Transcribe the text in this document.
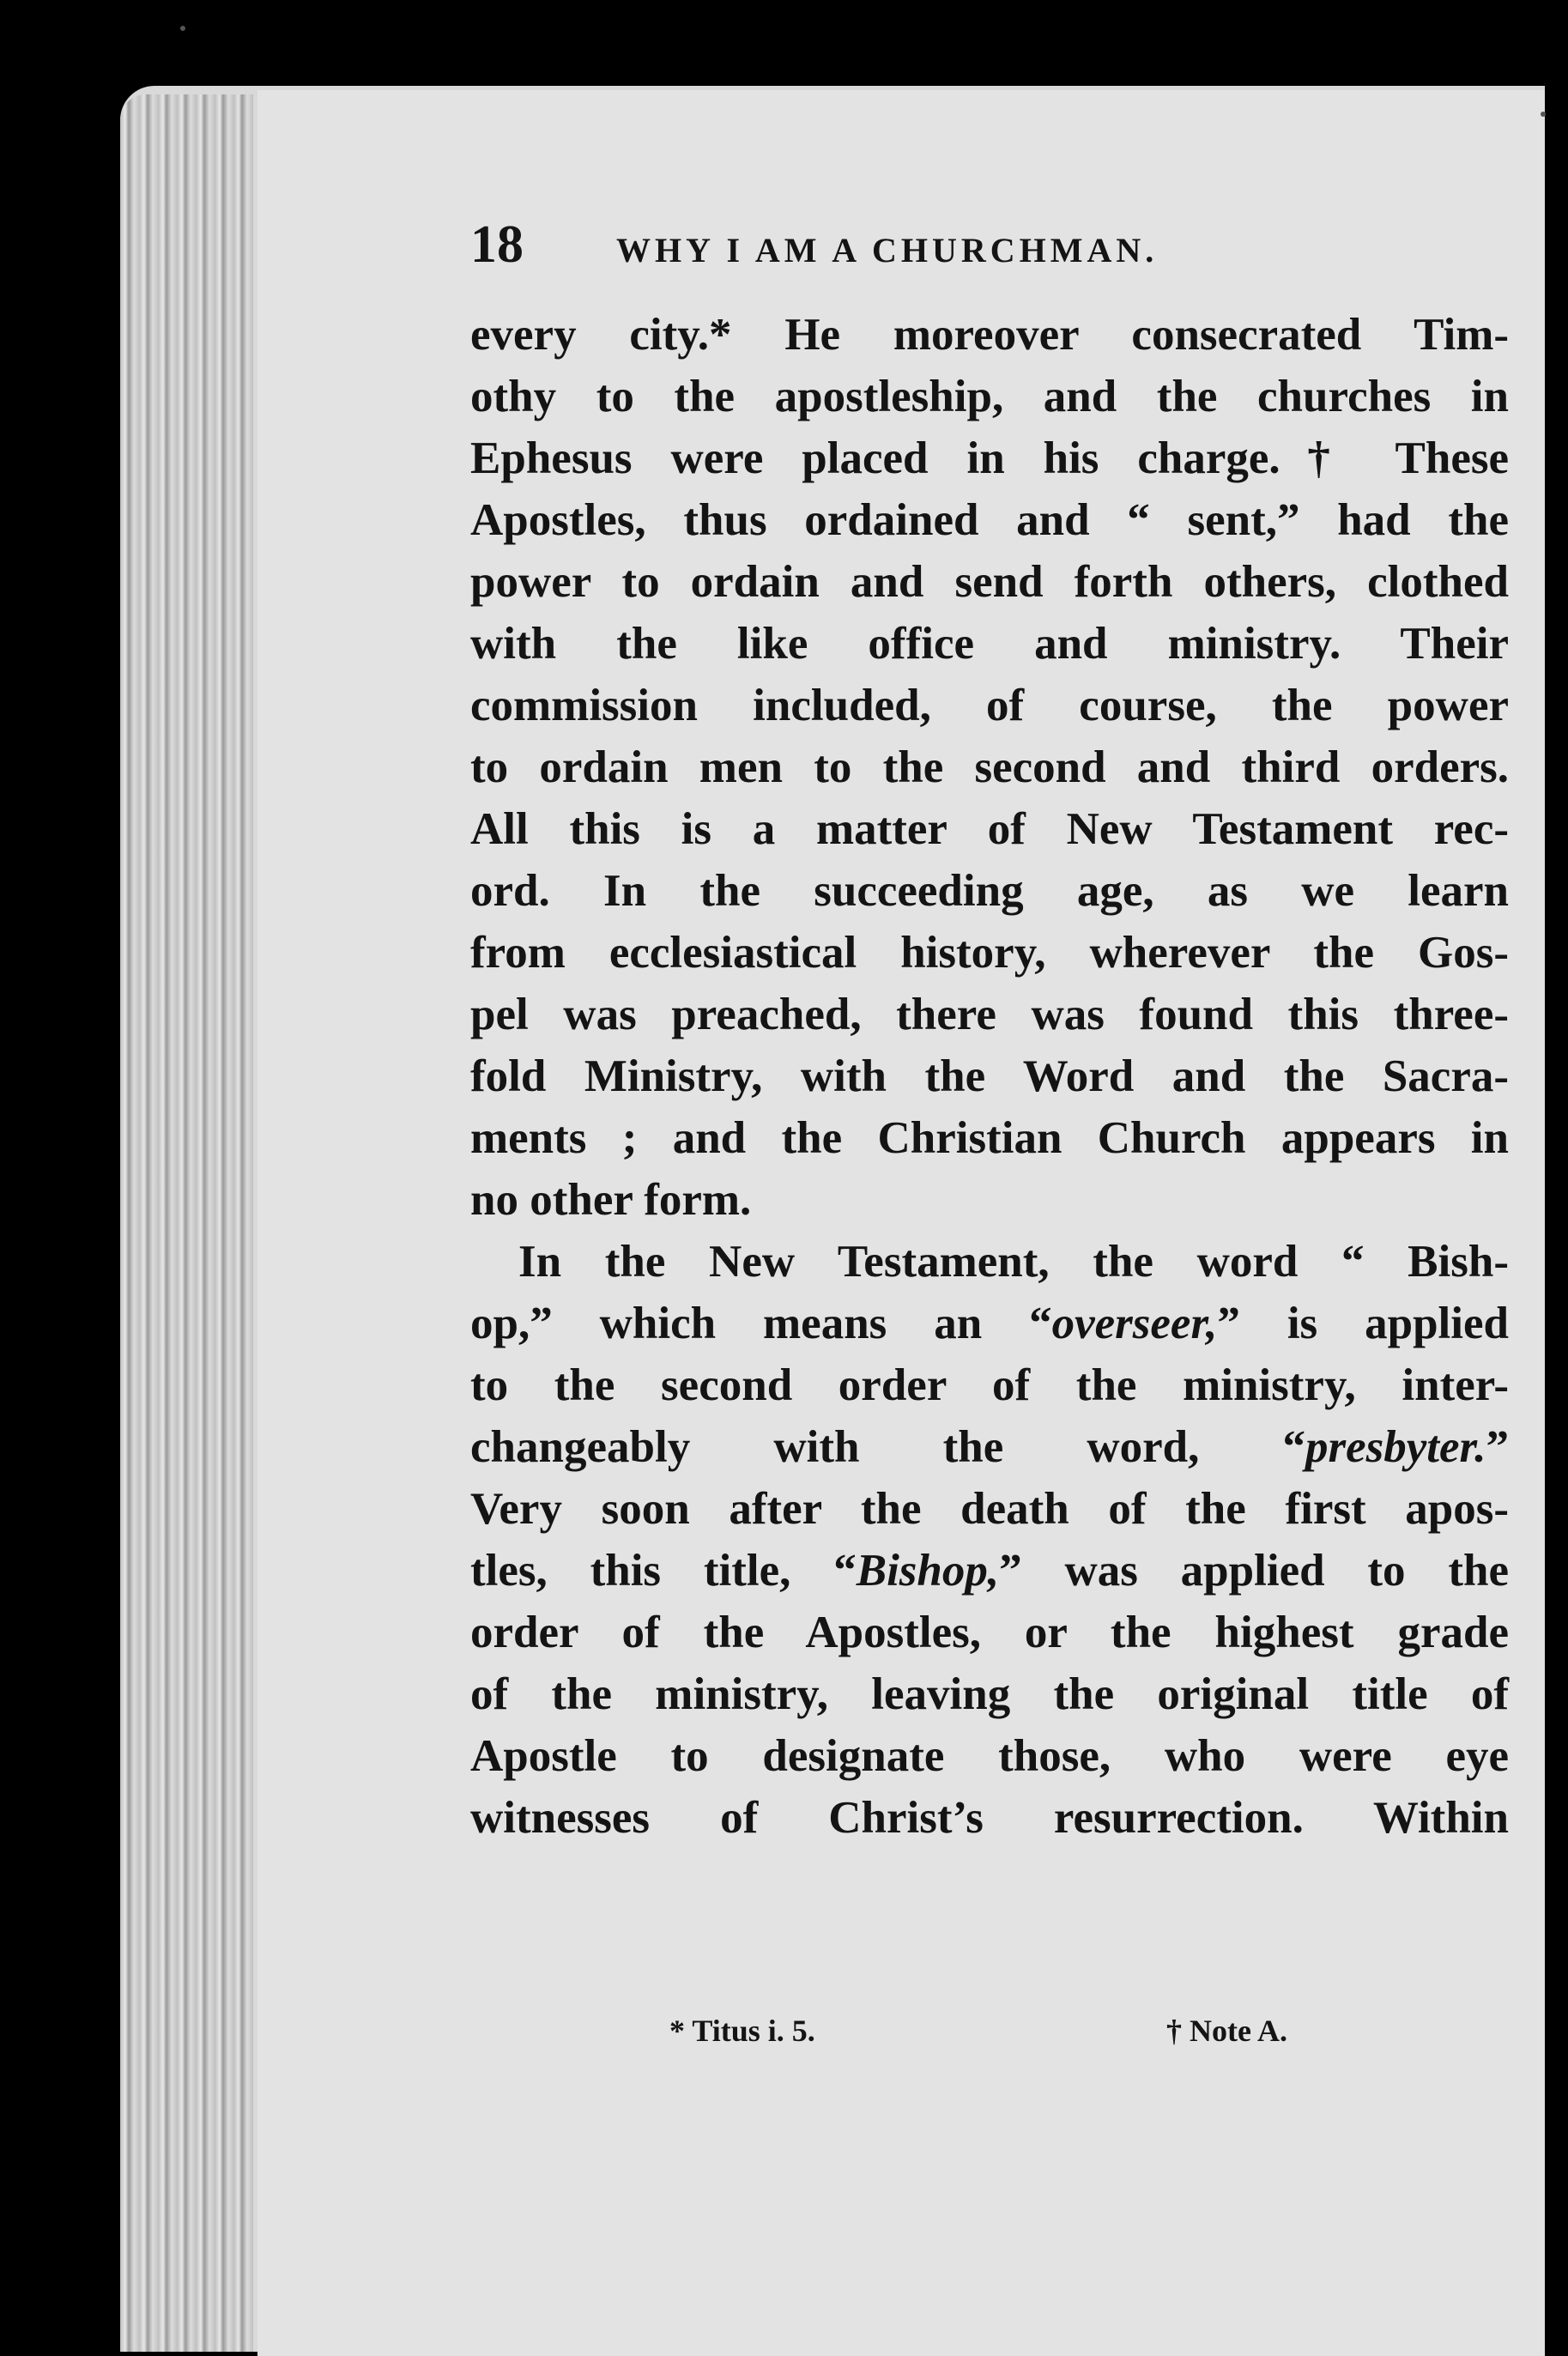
18	WHY I AM A CHURCHMAN.
every city.* He moreover consecrated Tim-
othy to the apostleship, and the churches in
Ephesus were placed in his charge.† These
Apostles, thus ordained and “ sent,” had the
power to ordain and send forth others, clothed
with the like office and ministry. Their
commission included, of course, the power
to ordain men to the second and third orders.
All this is a matter of New Testament rec-
ord. In the succeeding age, as we learn
from ecclesiastical history, wherever the Gos-
pel was preached, there was found this three-
fold Ministry, with the Word and the Sacra-
ments ; and the Christian Church appears in
no other form.
In the New Testament, the word “ Bish-
op,” which means an “overseer,” is applied
to the second order of the ministry, inter-
changeably with the word, “presbyter.”
Very soon after the death of the first apos-
tles, this title, “Bishop,” was applied to the
order of the Apostles, or the highest grade
of the ministry, leaving the original title of
Apostle to designate those, who were eye
witnesses of Christ’s resurrection. Within
* Titus i. 5.	† Note A.
